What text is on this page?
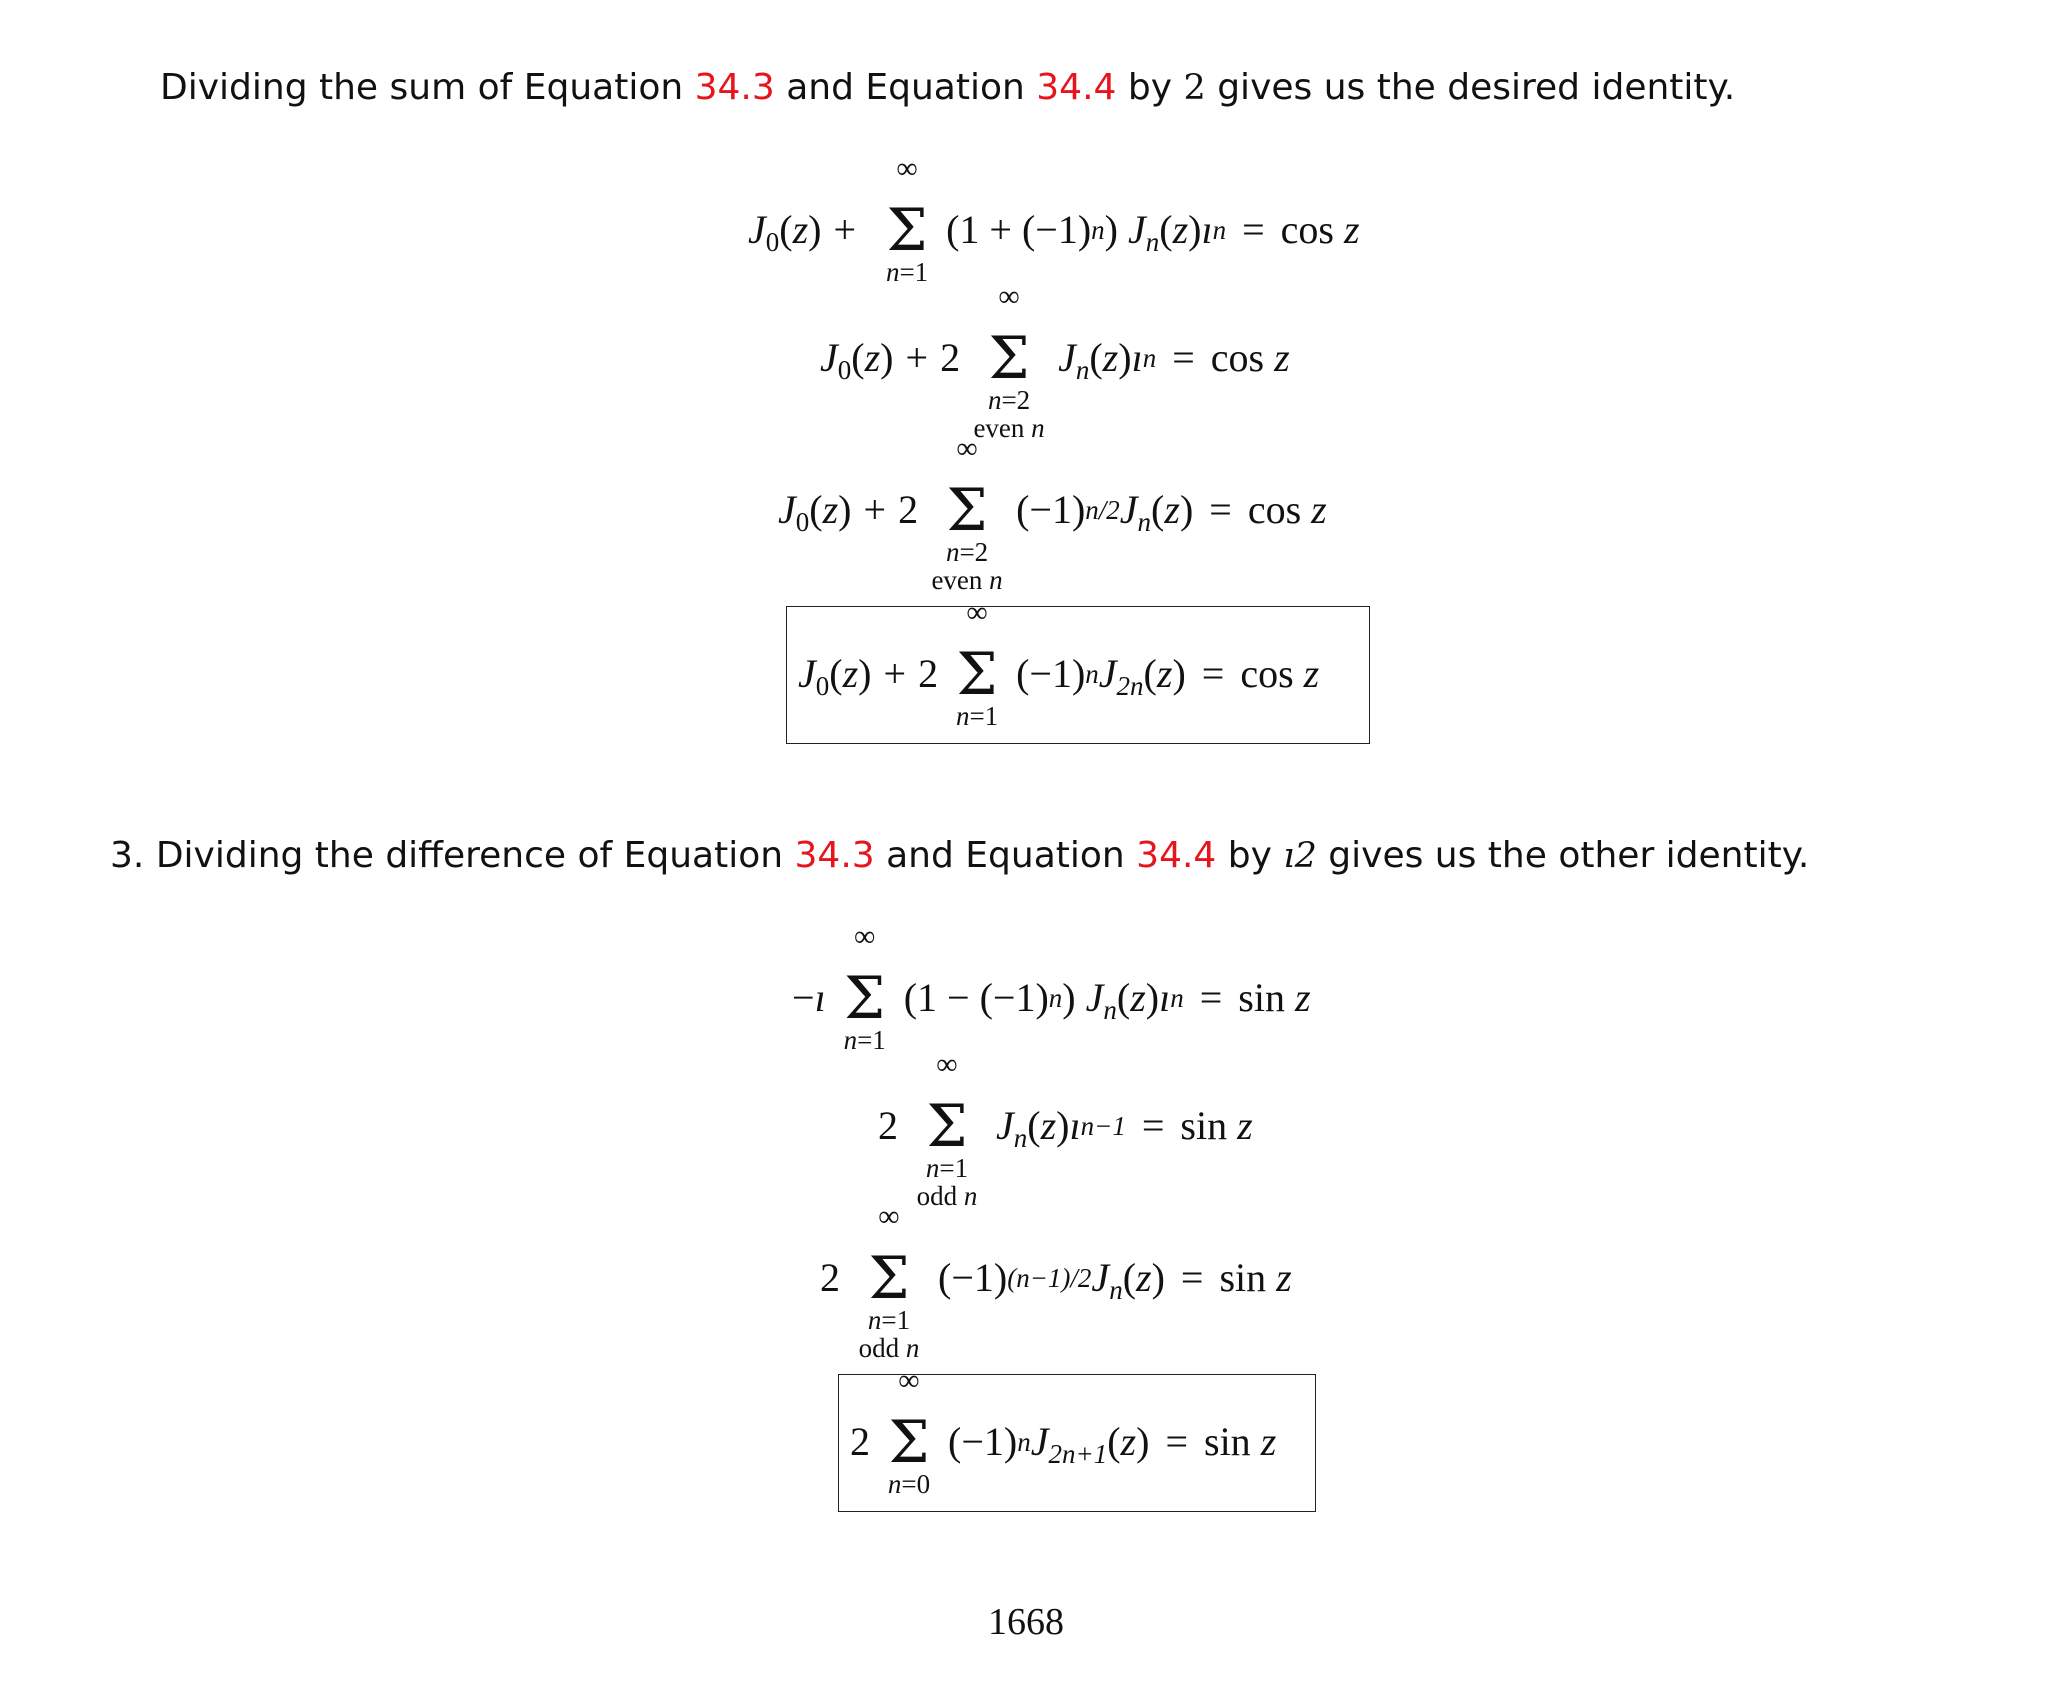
Dividing the sum of Equation 34.3 and Equation 34.4 by 2 gives us the desired identity.
$J_0$ ( z ) +
∞
Σ
n=1
(1 + (−1) n )
$J_n$ ( z ) ı n = cos z
$J_0$ ( z ) + 2

∞
Σ
n=2
even n

$J_n$ ( z ) ı n = cos z
$J_0$ ( z ) + 2

∞
Σ
n=2
even n

(−1) n/2 $J_n$ ( z ) = cos z
$J_0$ ( z ) + 2
∞
Σ
n=1
(−1) n $J_{2n}$ ( z ) = cos z
3. Dividing the difference of Equation 34.3 and Equation 34.4 by ı2 gives us the other identity.
− ı
∞
Σ
n=1
(1 − (−1) n )
$J_n$ ( z ) ı n = sin z
2

∞
Σ
n=1
odd n

$J_n$ ( z ) ı n−1 = sin z
2

∞
Σ
n=1
odd n

(−1) (n−1)/2 $J_n$ ( z ) = sin z
2
∞
Σ
n=0
(−1) n $J_{2n+1}$ ( z ) = sin z
1668
